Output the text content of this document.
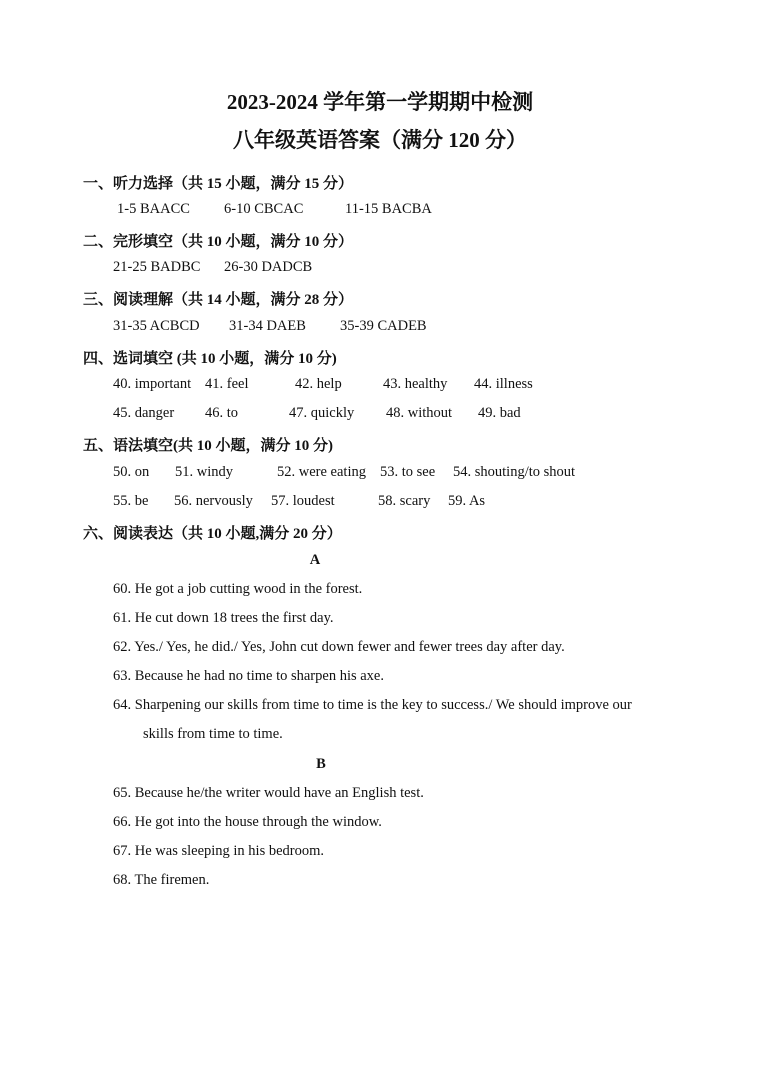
2023-2024 学年第一学期期中检测
八年级英语答案（满分 120 分）
一、听力选择（共 15 小题，满分 15 分）
1-5 BAACC 6-10 CBCAC	11-15 BACBA
二、完形填空（共 10 小题，满分 10 分）
21-25 BADBC 26-30 DADCB
三、阅读理解（共 14 小题，满分 28 分）
31-35 ACBCD 31-34 DAEB 35-39 CADEB
四、选词填空 (共 10 小题，满分 10 分)
40. important 41. feel	42. help	43. healthy 44. illness
45. danger 46. to	47. quickly 48. without 49. bad
五、语法填空(共 10 小题，满分 10 分)
50. on 51. windy	52. were eating 53. to see 54. shouting/to shout
55. be 56. nervously 57. loudest	58. scary 59. As
六、阅读表达（共 10 小题,满分 20 分）
A
60. He got a job cutting wood in the forest.
61. He cut down 18 trees the first day.
62. Yes./ Yes, he did./ Yes, John cut down fewer and fewer trees day after day.
63. Because he had no time to sharpen his axe.
64. Sharpening our skills from time to time is the key to success./ We should improve our
skills from time to time.
B
65. Because he/the writer would have an English test.
66. He got into the house through the window.
67. He was sleeping in his bedroom.
68. The firemen.
